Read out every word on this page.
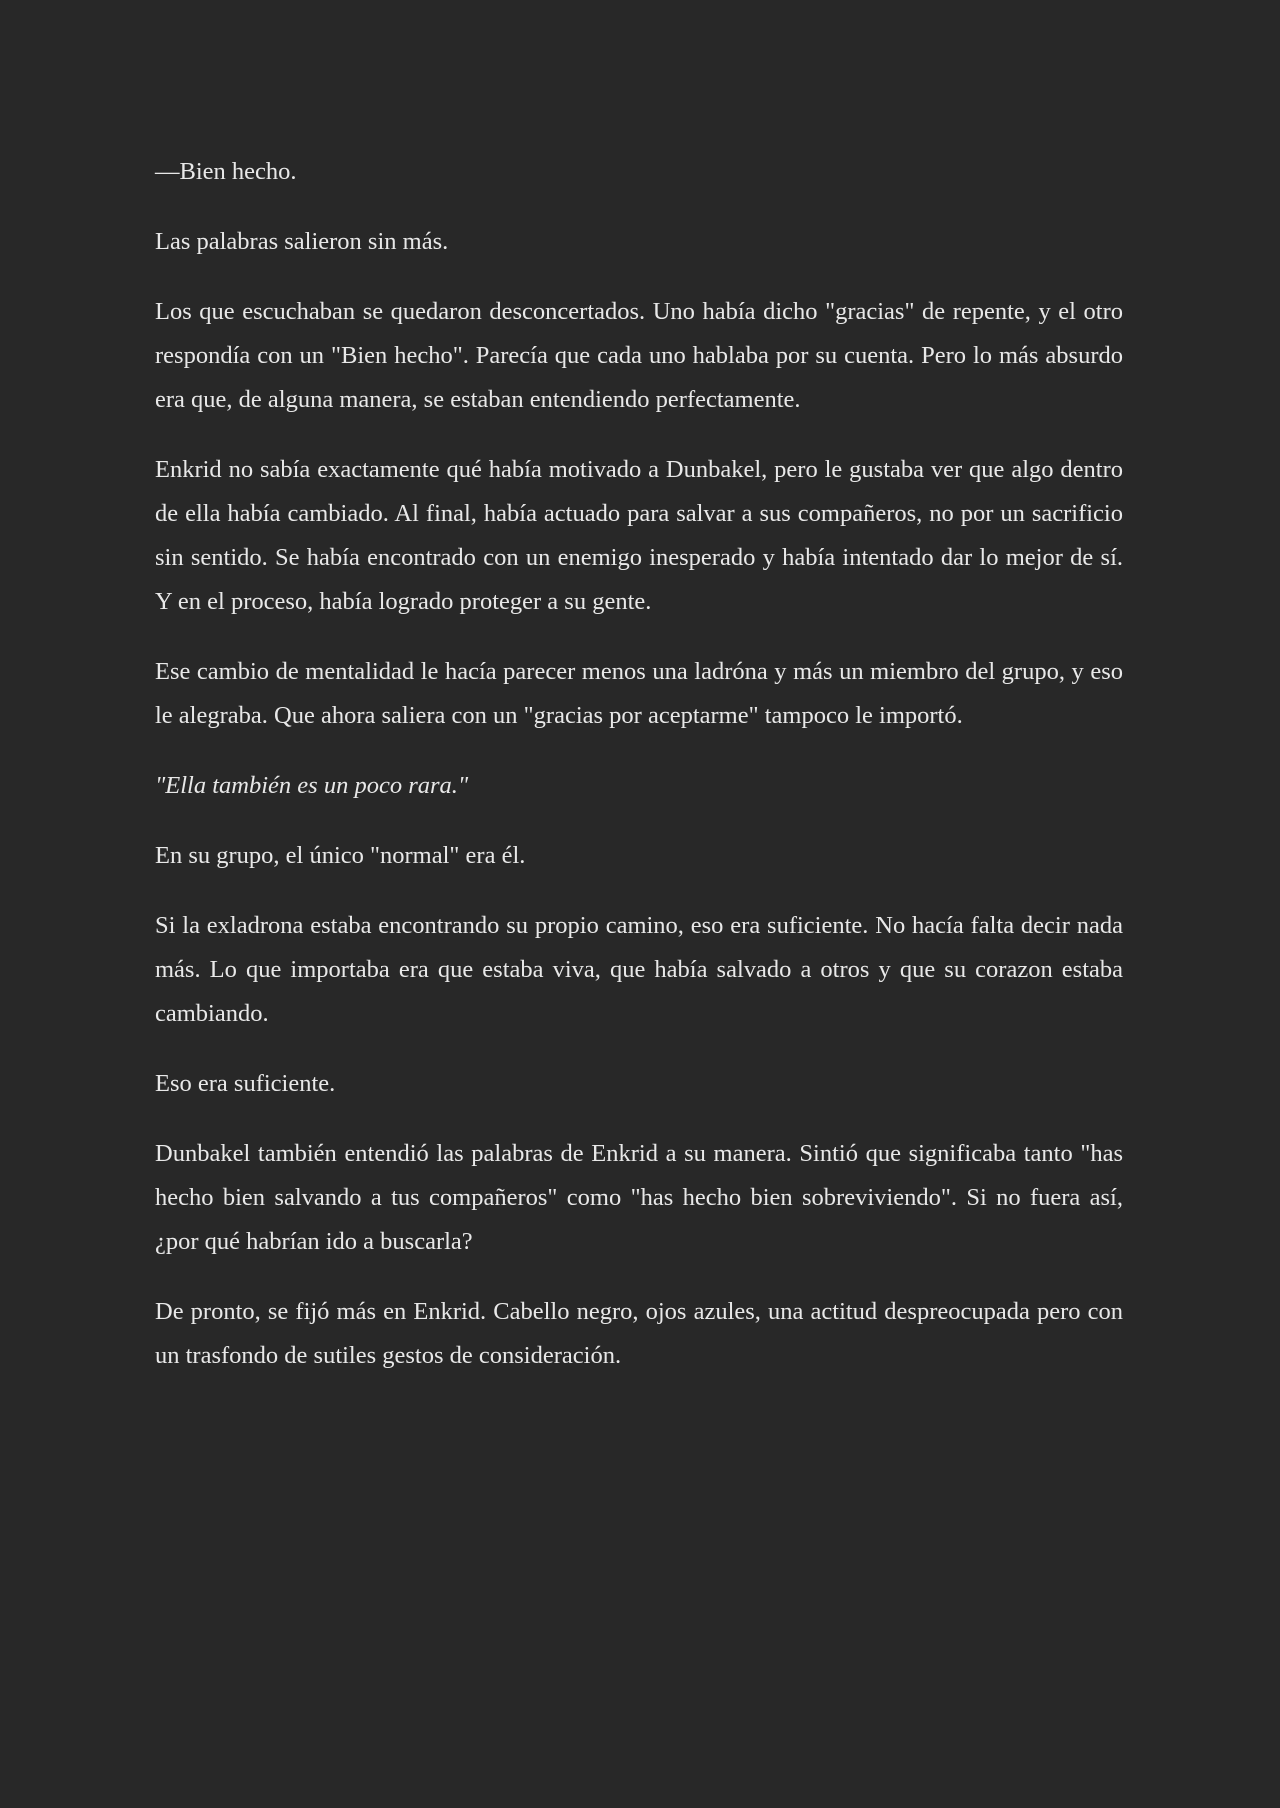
—Bien hecho.

Las palabras salieron sin más.

Los que escuchaban se quedaron desconcertados. Uno había dicho "gracias" de repente, y el otro respondía con un "Bien hecho". Parecía que cada uno hablaba por su cuenta. Pero lo más absurdo era que, de alguna manera, se estaban entendiendo perfectamente.

Enkrid no sabía exactamente qué había motivado a Dunbakel, pero le gustaba ver que algo dentro de ella había cambiado. Al final, había actuado para salvar a sus compañeros, no por un sacrificio sin sentido. Se había encontrado con un enemigo inesperado y había intentado dar lo mejor de sí. Y en el proceso, había logrado proteger a su gente.

Ese cambio de mentalidad le hacía parecer menos una ladróna y más un miembro del grupo, y eso le alegraba. Que ahora saliera con un "gracias por aceptarme" tampoco le importó.

"Ella también es un poco rara."

En su grupo, el único "normal" era él.

Si la exladrona estaba encontrando su propio camino, eso era suficiente. No hacía falta decir nada más. Lo que importaba era que estaba viva, que había salvado a otros y que su corazon estaba cambiando.

Eso era suficiente.

Dunbakel también entendió las palabras de Enkrid a su manera. Sintió que significaba tanto "has hecho bien salvando a tus compañeros" como "has hecho bien sobreviviendo". Si no fuera así, ¿por qué habrían ido a buscarla?

De pronto, se fijó más en Enkrid. Cabello negro, ojos azules, una actitud despreocupada pero con un trasfondo de sutiles gestos de consideración.
